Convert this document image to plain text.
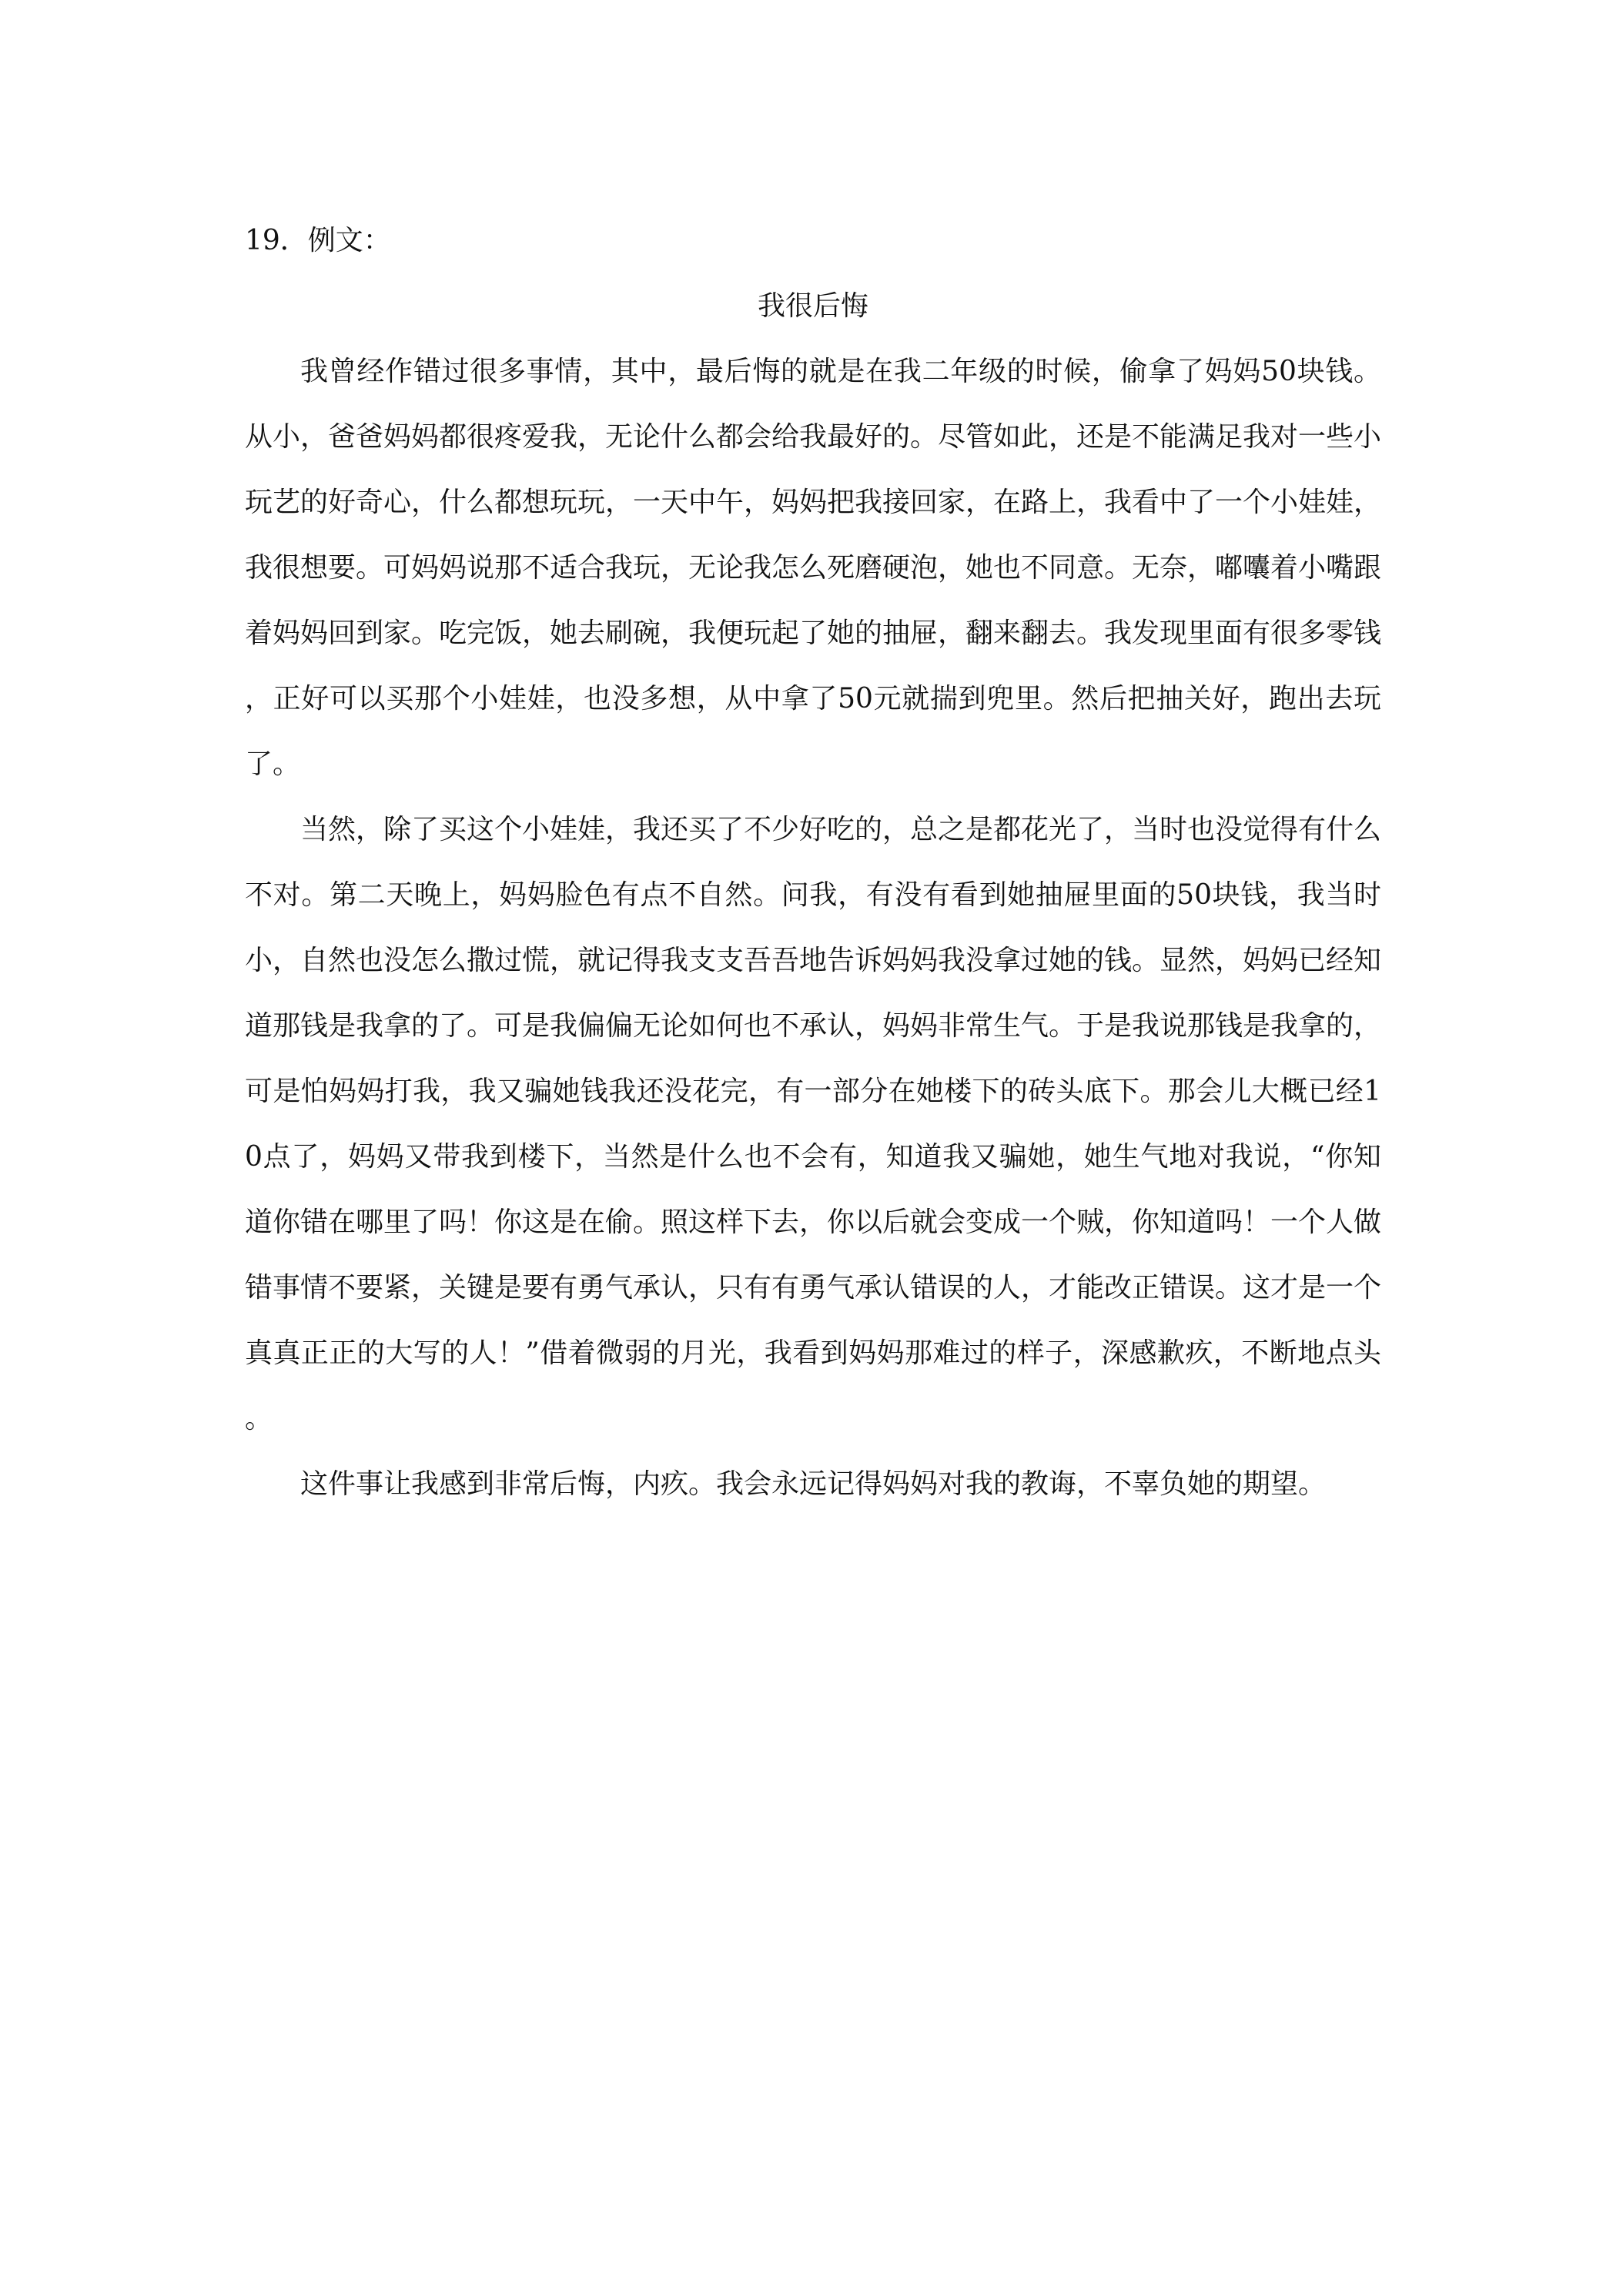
19．例文：

我很后悔

我曾经作错过很多事情，其中，最后悔的就是在我二年级的时候，偷拿了妈妈50块钱。从小，爸爸妈妈都很疼爱我，无论什么都会给我最好的。尽管如此，还是不能满足我对一些小玩艺的好奇心，什么都想玩玩，一天中午，妈妈把我接回家，在路上，我看中了一个小娃娃，我很想要。可妈妈说那不适合我玩，无论我怎么死磨硬泡，她也不同意。无奈，嘟囔着小嘴跟着妈妈回到家。吃完饭，她去刷碗，我便玩起了她的抽屉，翻来翻去。我发现里面有很多零钱，正好可以买那个小娃娃，也没多想，从中拿了50元就揣到兜里。然后把抽关好，跑出去玩了。

当然，除了买这个小娃娃，我还买了不少好吃的，总之是都花光了，当时也没觉得有什么不对。第二天晚上，妈妈脸色有点不自然。问我，有没有看到她抽屉里面的50块钱，我当时小，自然也没怎么撒过慌，就记得我支支吾吾地告诉妈妈我没拿过她的钱。显然，妈妈已经知道那钱是我拿的了。可是我偏偏无论如何也不承认，妈妈非常生气。于是我说那钱是我拿的，可是怕妈妈打我，我又骗她钱我还没花完，有一部分在她楼下的砖头底下。那会儿大概已经10点了，妈妈又带我到楼下，当然是什么也不会有，知道我又骗她，她生气地对我说，“你知道你错在哪里了吗！你这是在偷。照这样下去，你以后就会变成一个贼，你知道吗！一个人做错事情不要紧，关键是要有勇气承认，只有有勇气承认错误的人，才能改正错误。这才是一个真真正正的大写的人！”借着微弱的月光，我看到妈妈那难过的样子，深感歉疚，不断地点头。

这件事让我感到非常后悔，内疚。我会永远记得妈妈对我的教诲，不辜负她的期望。
